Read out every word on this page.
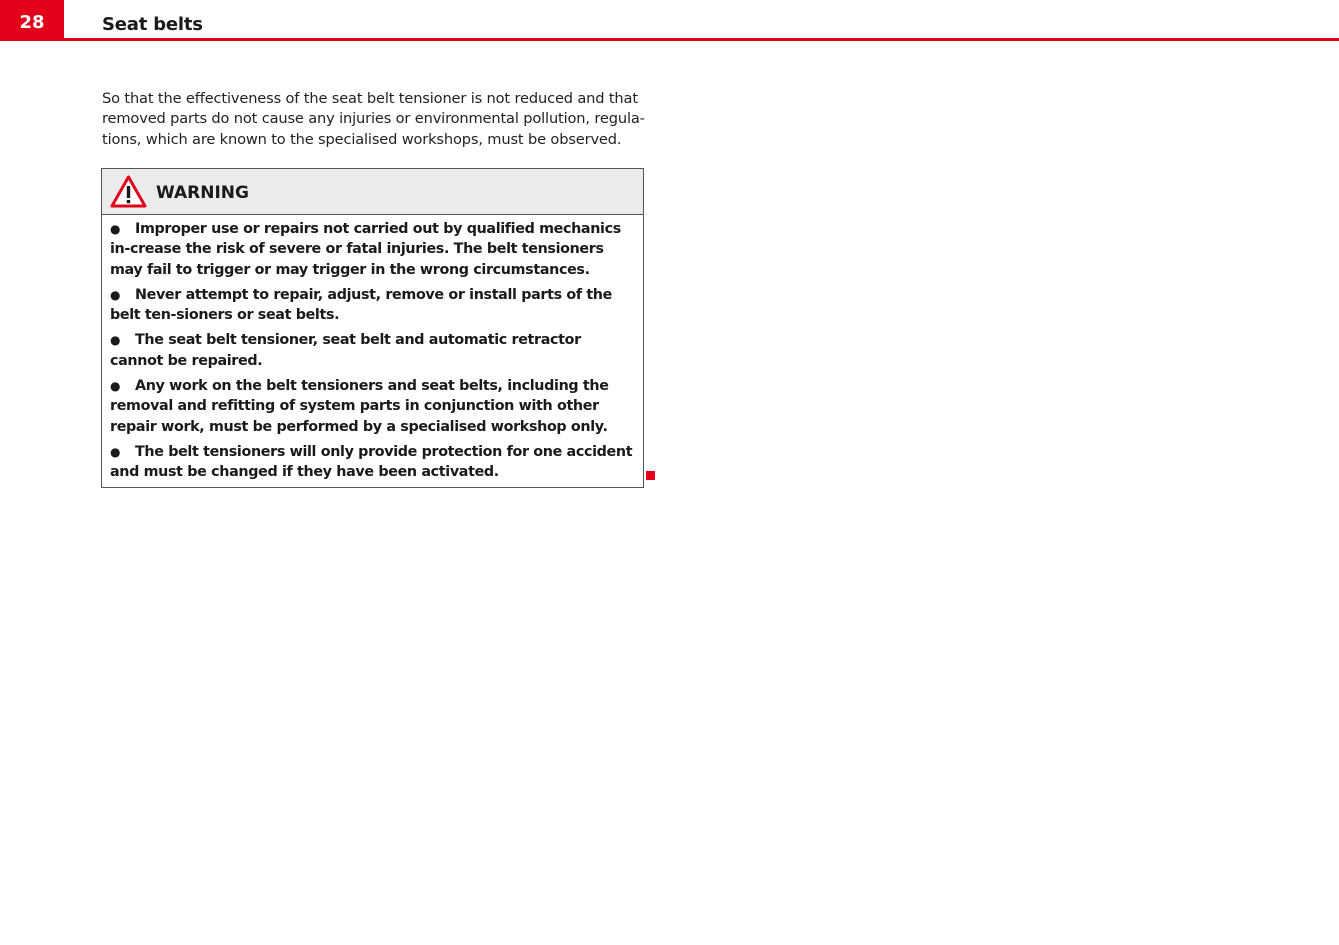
28	Seat belts
So that the effectiveness of the seat belt tensioner is not reduced and that removed parts do not cause any injuries or environmental pollution, regula-tions, which are known to the specialised workshops, must be observed.
WARNING

● Improper use or repairs not carried out by qualified mechanics in-crease the risk of severe or fatal injuries. The belt tensioners may fail to trigger or may trigger in the wrong circumstances.

● Never attempt to repair, adjust, remove or install parts of the belt ten-sioners or seat belts.

● The seat belt tensioner, seat belt and automatic retractor cannot be repaired.

● Any work on the belt tensioners and seat belts, including the removal and refitting of system parts in conjunction with other repair work, must be performed by a specialised workshop only.

● The belt tensioners will only provide protection for one accident and must be changed if they have been activated.
